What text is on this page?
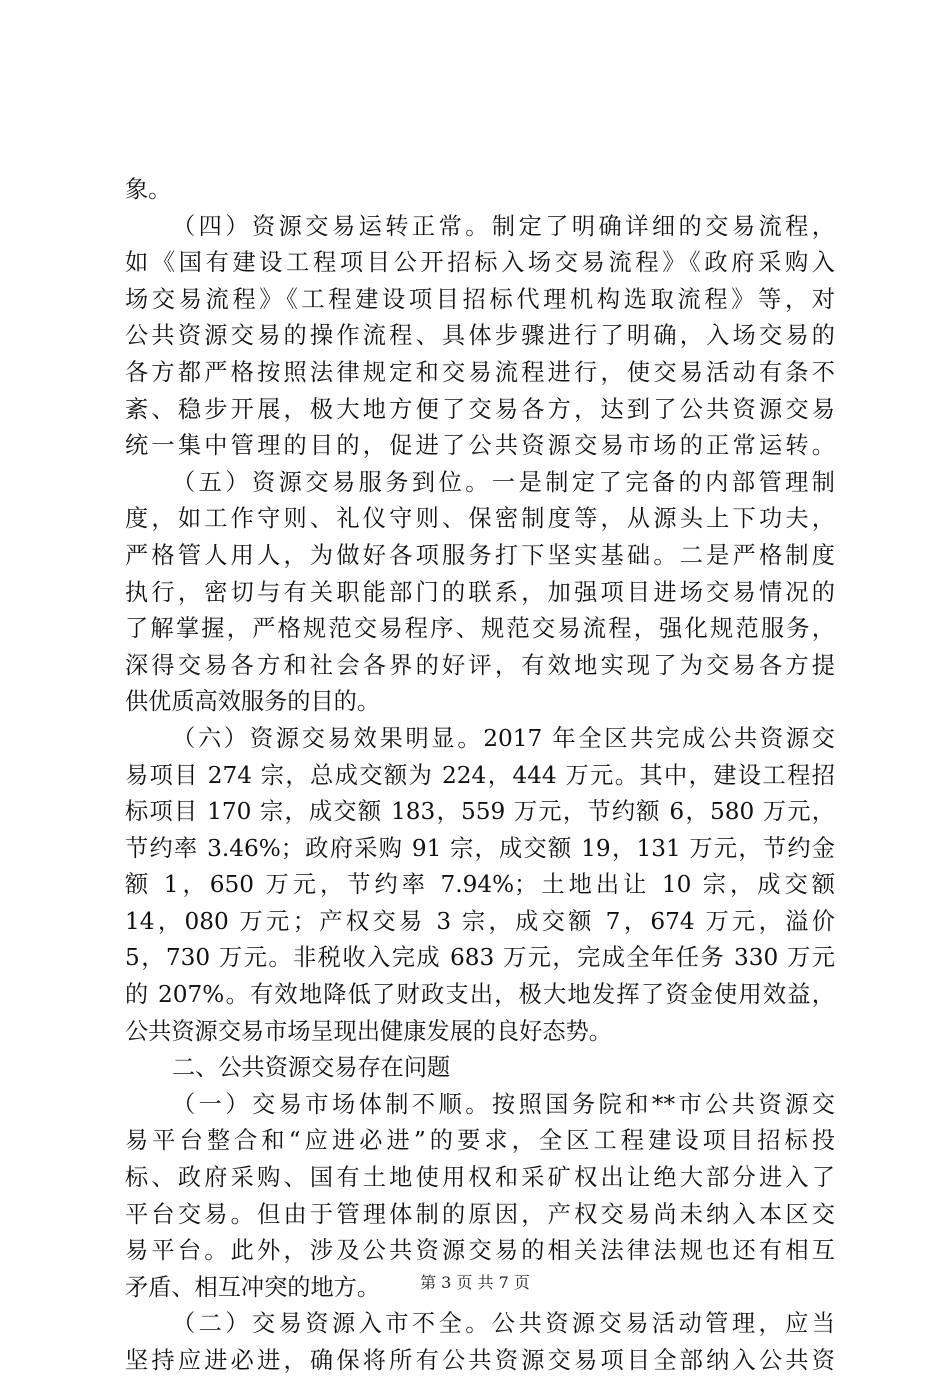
象。
（四）资源交易运转正常。制定了明确详细的交易流程，
如《国有建设工程项目公开招标入场交易流程》《政府采购入
场交易流程》《工程建设项目招标代理机构选取流程》等，对
公共资源交易的操作流程、具体步骤进行了明确，入场交易的
各方都严格按照法律规定和交易流程进行，使交易活动有条不
紊、稳步开展，极大地方便了交易各方，达到了公共资源交易
统一集中管理的目的，促进了公共资源交易市场的正常运转。
（五）资源交易服务到位。一是制定了完备的内部管理制
度，如工作守则、礼仪守则、保密制度等，从源头上下功夫，
严格管人用人，为做好各项服务打下坚实基础。二是严格制度
执行，密切与有关职能部门的联系，加强项目进场交易情况的
了解掌握，严格规范交易程序、规范交易流程，强化规范服务，
深得交易各方和社会各界的好评，有效地实现了为交易各方提
供优质高效服务的目的。
（六）资源交易效果明显。2017 年全区共完成公共资源交
易项目 274 宗，总成交额为 224，444 万元。其中，建设工程招
标项目 170 宗，成交额 183，559 万元，节约额 6，580 万元，
节约率 3.46%；政府采购 91 宗，成交额 19，131 万元，节约金
额 1，650 万元，节约率 7.94%；土地出让 10 宗，成交额
14，080 万元；产权交易 3 宗，成交额 7，674 万元，溢价
5，730 万元。非税收入完成 683 万元，完成全年任务 330 万元
的 207%。有效地降低了财政支出，极大地发挥了资金使用效益，
公共资源交易市场呈现出健康发展的良好态势。
二、公共资源交易存在问题
（一）交易市场体制不顺。按照国务院和**市公共资源交
易平台整合和“应进必进”的要求，全区工程建设项目招标投
标、政府采购、国有土地使用权和采矿权出让绝大部分进入了
平台交易。但由于管理体制的原因，产权交易尚未纳入本区交
易平台。此外，涉及公共资源交易的相关法律法规也还有相互
矛盾、相互冲突的地方。
（二）交易资源入市不全。公共资源交易活动管理，应当
坚持应进必进，确保将所有公共资源交易项目全部纳入公共资
第 3 页 共 7 页
